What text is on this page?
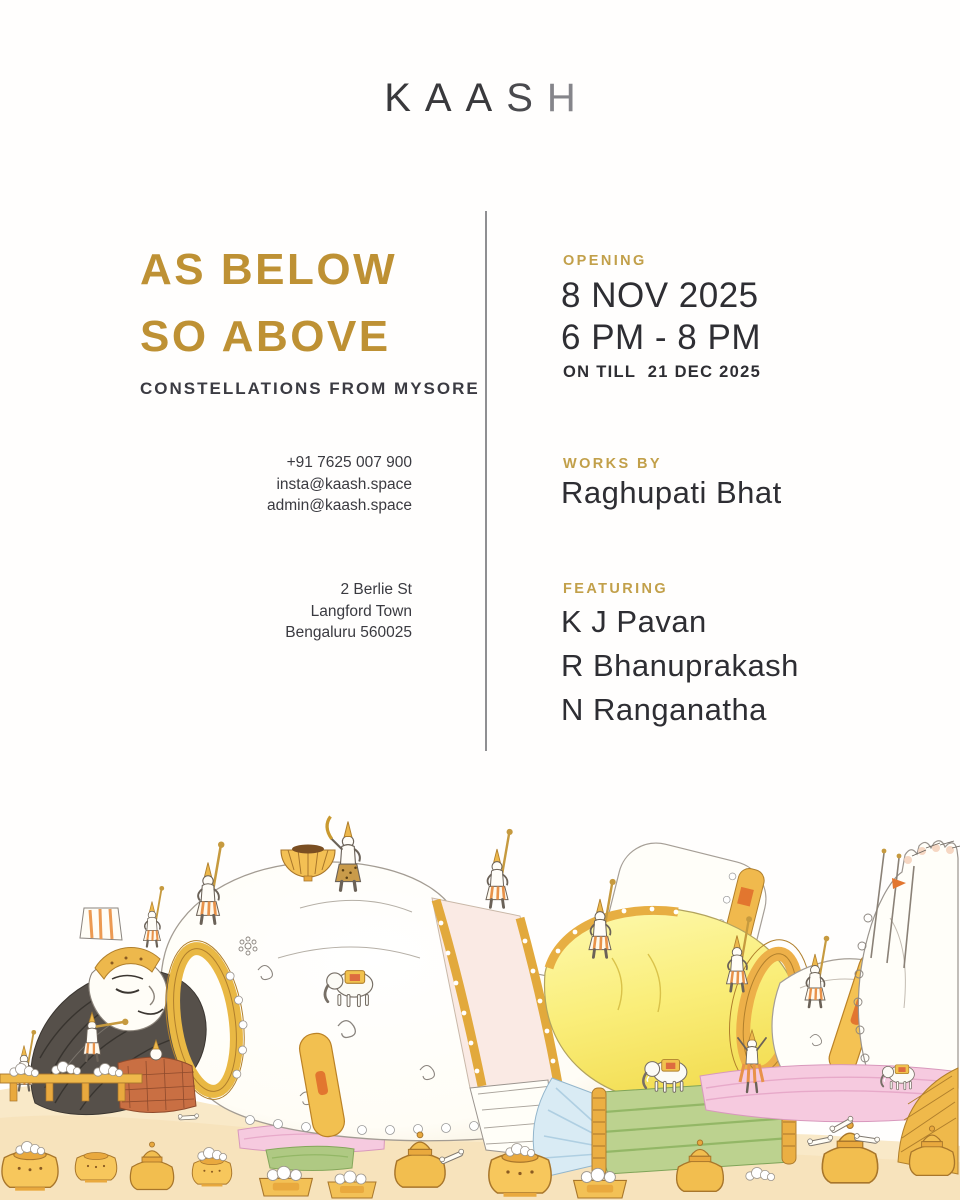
KAASH
AS BELOW
SO ABOVE
CONSTELLATIONS FROM MYSORE
+91 7625 007 900
insta@kaash.space
admin@kaash.space
2 Berlie St
Langford Town
Bengaluru 560025
OPENING
8 NOV 2025
6 PM - 8 PM
ON TILL  21 DEC 2025
WORKS BY
Raghupati Bhat
FEATURING
K J Pavan
R Bhanuprakash
N Ranganatha
